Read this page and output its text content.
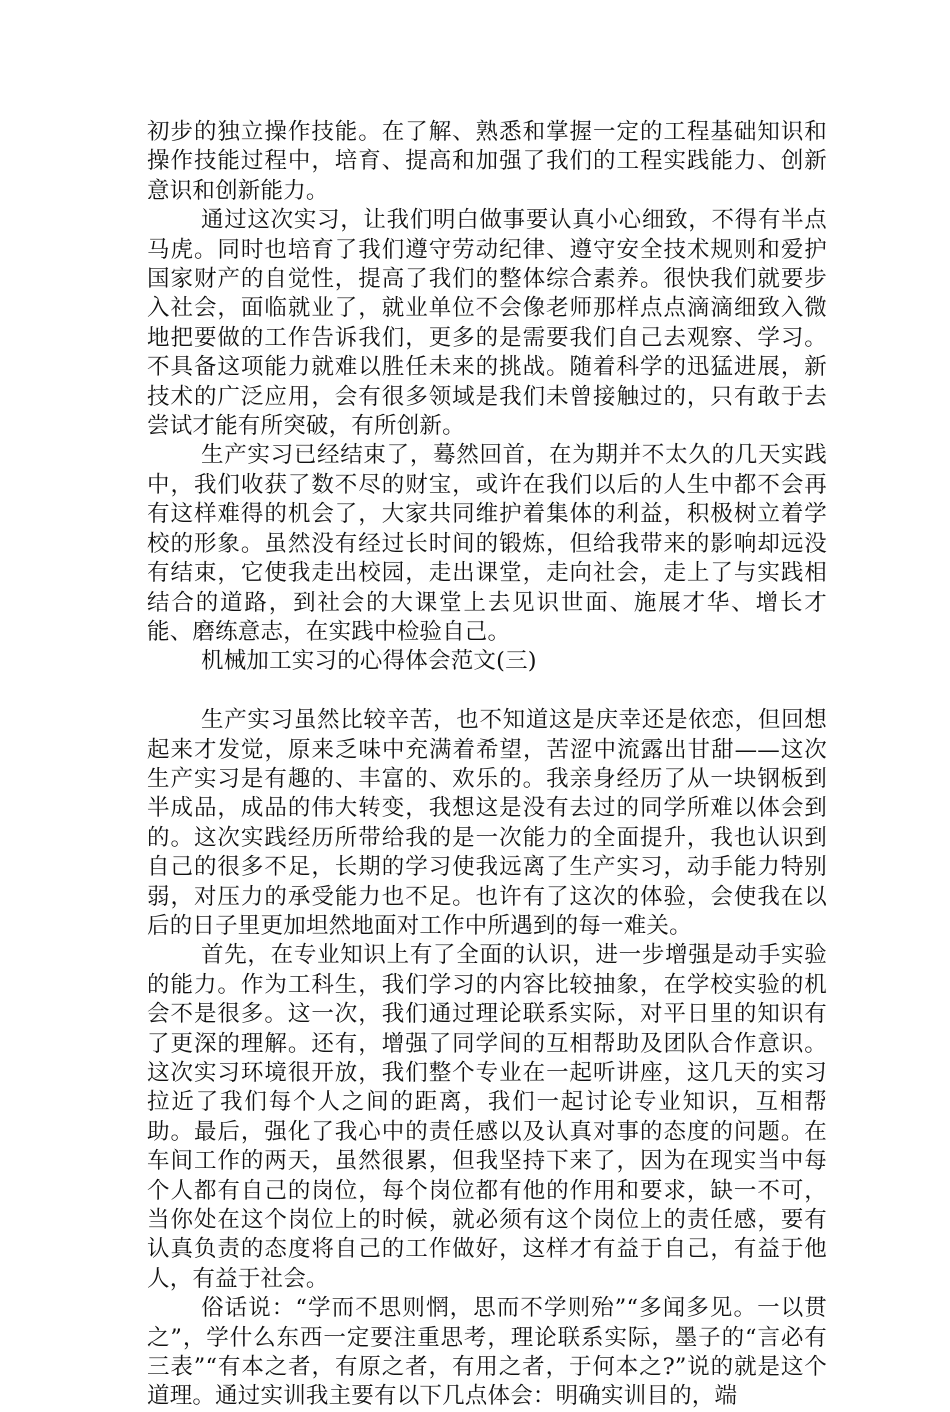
初步的独立操作技能。在了解、熟悉和掌握一定的工程基础知识和操作技能过程中，培育、提高和加强了我们的工程实践能力、创新意识和创新能力。

通过这次实习，让我们明白做事要认真小心细致，不得有半点马虎。同时也培育了我们遵守劳动纪律、遵守安全技术规则和爱护国家财产的自觉性，提高了我们的整体综合素养。很快我们就要步入社会，面临就业了，就业单位不会像老师那样点点滴滴细致入微地把要做的工作告诉我们，更多的是需要我们自己去观察、学习。不具备这项能力就难以胜任未来的挑战。随着科学的迅猛进展，新技术的广泛应用，会有很多领域是我们未曾接触过的，只有敢于去尝试才能有所突破，有所创新。

生产实习已经结束了，蓦然回首，在为期并不太久的几天实践中，我们收获了数不尽的财宝，或许在我们以后的人生中都不会再有这样难得的机会了，大家共同维护着集体的利益，积极树立着学校的形象。虽然没有经过长时间的锻炼，但给我带来的影响却远没有结束，它使我走出校园，走出课堂，走向社会，走上了与实践相结合的道路，到社会的大课堂上去见识世面、施展才华、增长才能、磨练意志，在实践中检验自己。

机械加工实习的心得体会范文(三)

生产实习虽然比较辛苦，也不知道这是庆幸还是依恋，但回想起来才发觉，原来乏味中充满着希望，苦涩中流露出甘甜——这次生产实习是有趣的、丰富的、欢乐的。我亲身经历了从一块钢板到半成品，成品的伟大转变，我想这是没有去过的同学所难以体会到的。这次实践经历所带给我的是一次能力的全面提升，我也认识到自己的很多不足，长期的学习使我远离了生产实习，动手能力特别弱，对压力的承受能力也不足。也许有了这次的体验，会使我在以后的日子里更加坦然地面对工作中所遇到的每一难关。

首先，在专业知识上有了全面的认识，进一步增强是动手实验的能力。作为工科生，我们学习的内容比较抽象，在学校实验的机会不是很多。这一次，我们通过理论联系实际，对平日里的知识有了更深的理解。还有，增强了同学间的互相帮助及团队合作意识。这次实习环境很开放，我们整个专业在一起听讲座，这几天的实习拉近了我们每个人之间的距离，我们一起讨论专业知识，互相帮助。最后，强化了我心中的责任感以及认真对事的态度的问题。在车间工作的两天，虽然很累，但我坚持下来了，因为在现实当中每个人都有自己的岗位，每个岗位都有他的作用和要求，缺一不可，当你处在这个岗位上的时候，就必须有这个岗位上的责任感，要有认真负责的态度将自己的工作做好，这样才有益于自己，有益于他人，有益于社会。

俗话说：“学而不思则惘，思而不学则殆”“多闻多见。一以贯之”，学什么东西一定要注重思考，理论联系实际，墨子的“言必有三表”“有本之者，有原之者，有用之者，于何本之?”说的就是这个道理。通过实训我主要有以下几点体会：明确实训目的，端
